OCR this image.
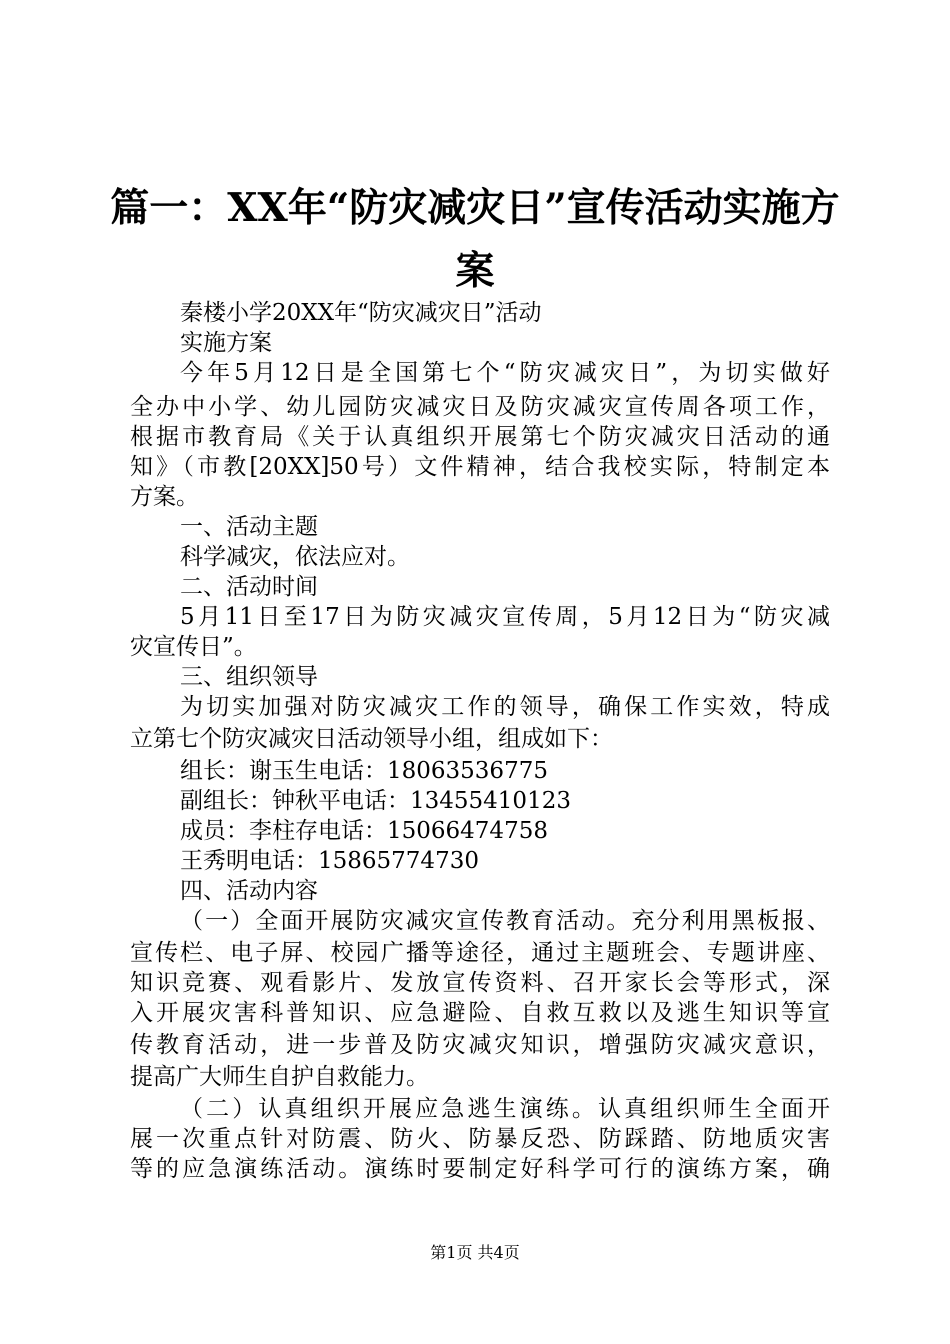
篇一：XX年“防灾减灾日”宣传活动实施方
案

秦楼小学20XX年“防灾减灾日”活动

实施方案

今年5月12日是全国第七个“防灾减灾日”，为切实做好

全办中小学、幼儿园防灾减灾日及防灾减灾宣传周各项工作，

根据市教育局《关于认真组织开展第七个防灾减灾日活动的通

知》（市教[20XX]50号）文件精神，结合我校实际，特制定本

方案。

一、活动主题

科学减灾，依法应对。

二、活动时间

5月11日至17日为防灾减灾宣传周，5月12日为“防灾减

灾宣传日”。

三、组织领导

为切实加强对防灾减灾工作的领导，确保工作实效，特成

立第七个防灾减灾日活动领导小组，组成如下：

组长：谢玉生电话：18063536775

副组长：钟秋平电话：13455410123

成员：李柱存电话：15066474758

王秀明电话：15865774730

四、活动内容

（一）全面开展防灾减灾宣传教育活动。充分利用黑板报、

宣传栏、电子屏、校园广播等途径，通过主题班会、专题讲座、

知识竞赛、观看影片、发放宣传资料、召开家长会等形式，深

入开展灾害科普知识、应急避险、自救互救以及逃生知识等宣

传教育活动，进一步普及防灾减灾知识，增强防灾减灾意识，

提高广大师生自护自救能力。

（二）认真组织开展应急逃生演练。认真组织师生全面开

展一次重点针对防震、防火、防暴反恐、防踩踏、防地质灾害

等的应急演练活动。演练时要制定好科学可行的演练方案，确

第1页 共4页
